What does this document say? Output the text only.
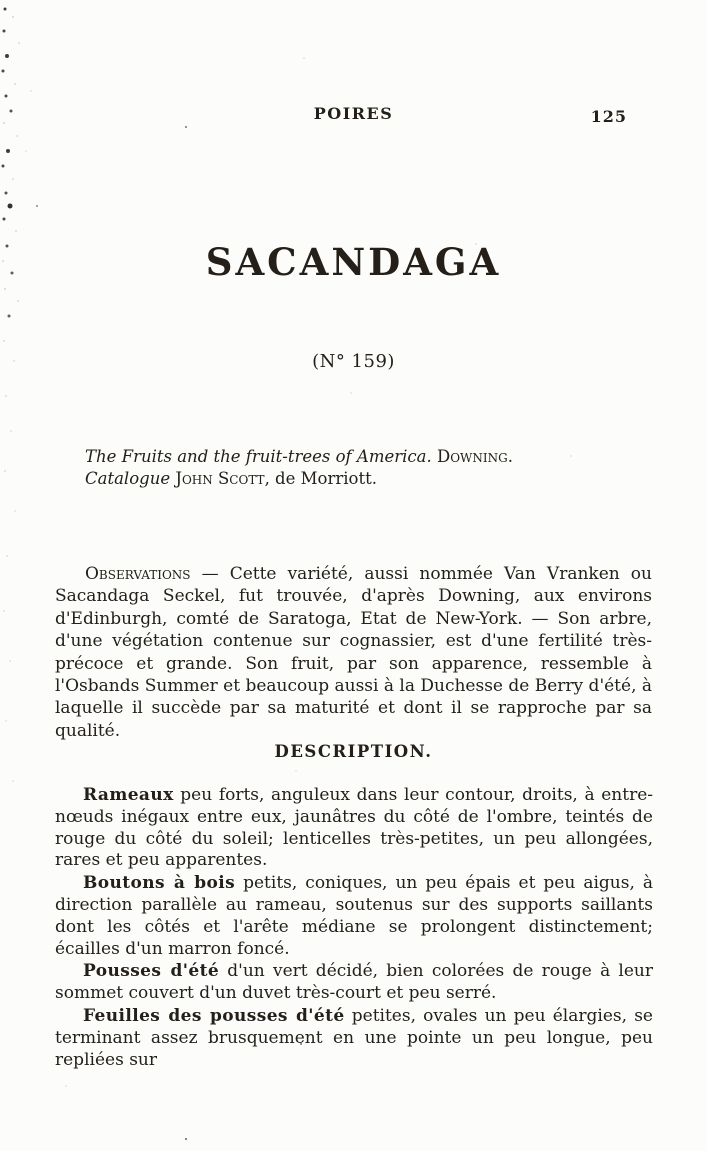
POIRES	125
SACANDAGA
(N° 159)
The Fruits and the fruit-trees of America. Downing.
Catalogue John Scott, de Morriott.

Observations — Cette variété, aussi nommée Van Vranken ou Sacandaga Seckel, fut trouvée, d'après Downing, aux environs d'Edinburgh, comté de Saratoga, Etat de New-York. — Son arbre, d'une végétation contenue sur cognassier, est d'une fertilité très-précoce et grande. Son fruit, par son apparence, ressemble à l'Osbands Summer et beaucoup aussi à la Duchesse de Berry d'été, à laquelle il succède par sa maturité et dont il se rapproche par sa qualité.

DESCRIPTION.

Rameaux peu forts, anguleux dans leur contour, droits, à entre-nœuds inégaux entre eux, jaunâtres du côté de l'ombre, teintés de rouge du côté du soleil; lenticelles très-petites, un peu allongées, rares et peu apparentes.

Boutons à bois petits, coniques, un peu épais et peu aigus, à direction parallèle au rameau, soutenus sur des supports saillants dont les côtés et l'arête médiane se prolongent distinctement; écailles d'un marron foncé.

Pousses d'été d'un vert décidé, bien colorées de rouge à leur sommet couvert d'un duvet très-court et peu serré.

Feuilles des pousses d'été petites, ovales un peu élargies, se terminant assez brusquement en une pointe un peu longue, peu repliées sur
